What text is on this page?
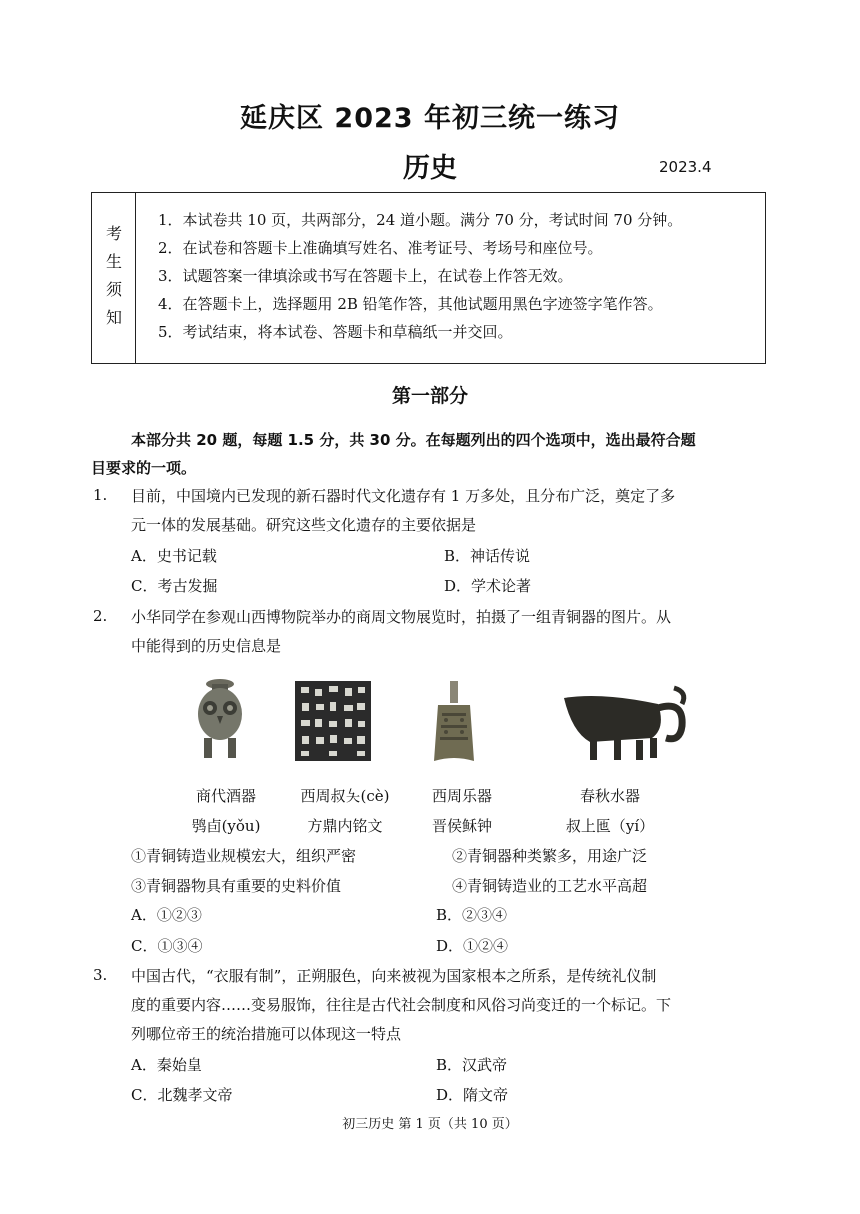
延庆区 2023 年初三统一练习
历史	2023.4
考
生
须
知
1．本试卷共 10 页，共两部分，24 道小题。满分 70 分，考试时间 70 分钟。
2．在试卷和答题卡上准确填写姓名、准考证号、考场号和座位号。
3．试题答案一律填涂或书写在答题卡上，在试卷上作答无效。
4．在答题卡上，选择题用 2B 铅笔作答，其他试题用黑色字迹签字笔作答。
5．考试结束，将本试卷、答题卡和草稿纸一并交回。
第一部分
本部分共 20 题，每题 1.5 分，共 30 分。在每题列出的四个选项中，选出最符合题
目要求的一项。
1. 目前，中国境内已发现的新石器时代文化遗存有 1 万多处，且分布广泛，奠定了多
元一体的发展基础。研究这些文化遗存的主要依据是
A．史书记载	B．神话传说
C．考古发掘	D．学术论著
2. 小华同学在参观山西博物院举办的商周文物展览时，拍摄了一组青铜器的图片。从
中能得到的历史信息是
商代酒器
鸮卣(yǒu)
西周叔夨(cè)
方鼎内铭文
西周乐器
晋侯稣钟
春秋水器
叔上匜（yí）
①青铜铸造业规模宏大，组织严密	②青铜器种类繁多，用途广泛
③青铜器物具有重要的史料价值	④青铜铸造业的工艺水平高超
A．①②③	B．②③④
C．①③④	D．①②④
3. 中国古代，“衣服有制”，正朔服色，向来被视为国家根本之所系，是传统礼仪制
度的重要内容……变易服饰，往往是古代社会制度和风俗习尚变迁的一个标记。下
列哪位帝王的统治措施可以体现这一特点
A．秦始皇	B．汉武帝
C．北魏孝文帝	D．隋文帝
初三历史 第 1 页（共 10 页）
